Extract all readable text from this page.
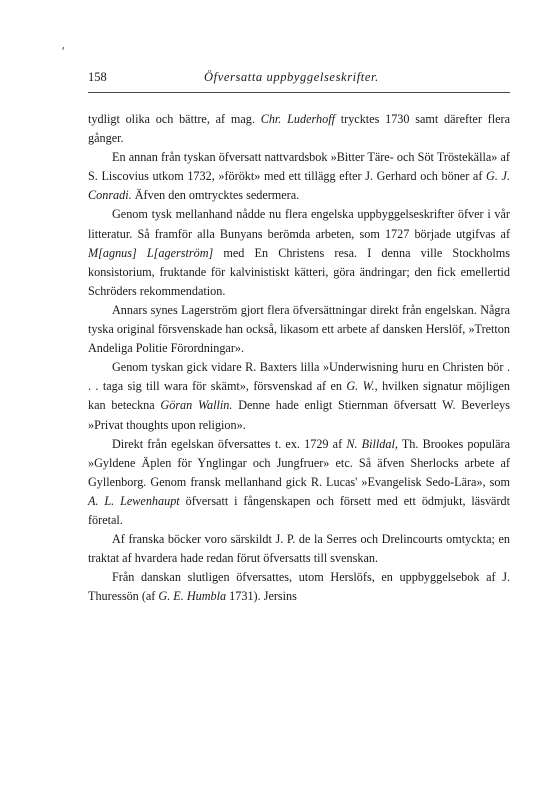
ʹ
158	Öfversatta uppbyggelseskrifter.

tydligt olika och bättre, af mag. Chr. Luderhoff trycktes 1730 samt därefter flera gånger.

En annan från tyskan öfversatt nattvardsbok »Bitter Täre- och Söt Tröstekälla» af S. Liscovius utkom 1732, »förökt» med ett tillägg efter J. Gerhard och böner af G. J. Conradi. Äfven den omtrycktes sedermera.

Genom tysk mellanhand nådde nu flera engelska uppbyggelseskrifter öfver i vår litteratur. Så framför alla Bunyans berömda arbeten, som 1727 började utgifvas af M[agnus] L[agerström] med En Christens resa. I denna ville Stockholms konsistorium, fruktande för kalvinistiskt kätteri, göra ändringar; den fick emellertid Schröders rekommendation.

Annars synes Lagerström gjort flera öfversättningar direkt från engelskan. Några tyska original försvenskade han också, likasom ett arbete af dansken Herslöf, »Tretton Andeliga Politie Förordningar».

Genom tyskan gick vidare R. Baxters lilla »Underwisning huru en Christen bör . . . taga sig till wara för skämt», försvenskad af en G. W., hvilken signatur möjligen kan beteckna Göran Wallin. Denne hade enligt Stiernman öfversatt W. Beverleys »Privat thoughts upon religion».

Direkt från egelskan öfversattes t. ex. 1729 af N. Billdal, Th. Brookes populära »Gyldene Äplen för Ynglingar och Jungfruer» etc. Så äfven Sherlocks arbete af Gyllenborg. Genom fransk mellanhand gick R. Lucas' »Evangelisk Sedo-Lära», som A. L. Lewenhaupt öfversatt i fångenskapen och försett med ett ödmjukt, läsvärdt företal.

Af franska böcker voro särskildt J. P. de la Serres och Drelincourts omtyckta; en traktat af hvardera hade redan förut öfversatts till svenskan.

Från danskan slutligen öfversattes, utom Herslöfs, en uppbyggelsebok af J. Thuressön (af G. E. Humbla 1731). Jersins
